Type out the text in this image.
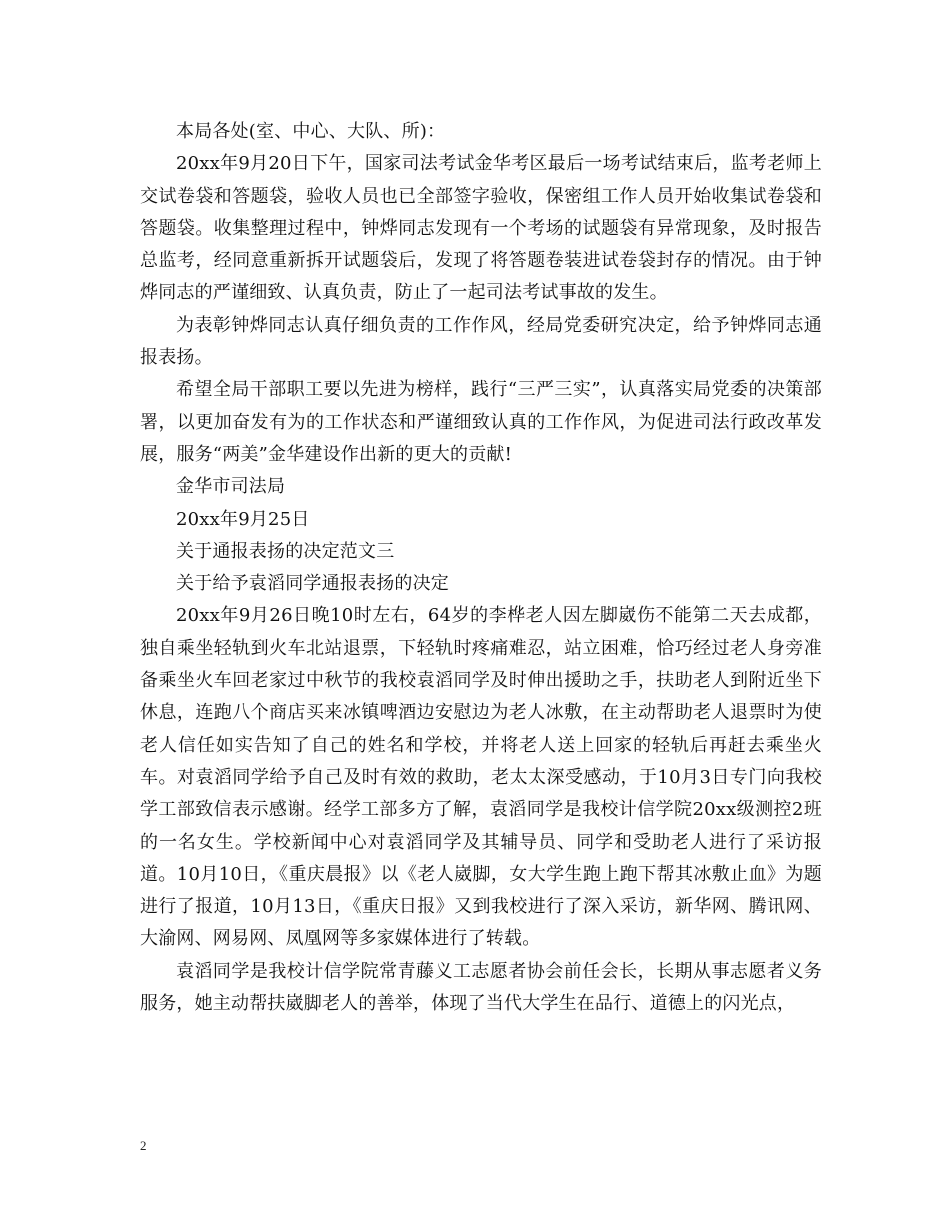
本局各处(室、中心、大队、所)：

20xx年9月20日下午，国家司法考试金华考区最后一场考试结束后，监考老师上交试卷袋和答题袋，验收人员也已全部签字验收，保密组工作人员开始收集试卷袋和答题袋。收集整理过程中，钟烨同志发现有一个考场的试题袋有异常现象，及时报告总监考，经同意重新拆开试题袋后，发现了将答题卷装进试卷袋封存的情况。由于钟烨同志的严谨细致、认真负责，防止了一起司法考试事故的发生。

为表彰钟烨同志认真仔细负责的工作作风，经局党委研究决定，给予钟烨同志通报表扬。

希望全局干部职工要以先进为榜样，践行“三严三实”，认真落实局党委的决策部署，以更加奋发有为的工作状态和严谨细致认真的工作作风，为促进司法行政改革发展，服务“两美”金华建设作出新的更大的贡献!

金华市司法局

20xx年9月25日

关于通报表扬的决定范文三

关于给予袁滔同学通报表扬的决定

20xx年9月26日晚10时左右，64岁的李桦老人因左脚崴伤不能第二天去成都，独自乘坐轻轨到火车北站退票，下轻轨时疼痛难忍，站立困难，恰巧经过老人身旁准备乘坐火车回老家过中秋节的我校袁滔同学及时伸出援助之手，扶助老人到附近坐下休息，连跑八个商店买来冰镇啤酒边安慰边为老人冰敷，在主动帮助老人退票时为使老人信任如实告知了自己的姓名和学校，并将老人送上回家的轻轨后再赶去乘坐火车。对袁滔同学给予自己及时有效的救助，老太太深受感动，于10月3日专门向我校学工部致信表示感谢。经学工部多方了解，袁滔同学是我校计信学院20xx级测控2班的一名女生。学校新闻中心对袁滔同学及其辅导员、同学和受助老人进行了采访报道。10月10日，《重庆晨报》以《老人崴脚，女大学生跑上跑下帮其冰敷止血》为题进行了报道，10月13日，《重庆日报》又到我校进行了深入采访，新华网、腾讯网、大渝网、网易网、凤凰网等多家媒体进行了转载。

袁滔同学是我校计信学院常青藤义工志愿者协会前任会长，长期从事志愿者义务服务，她主动帮扶崴脚老人的善举，体现了当代大学生在品行、道德上的闪光点，

2
